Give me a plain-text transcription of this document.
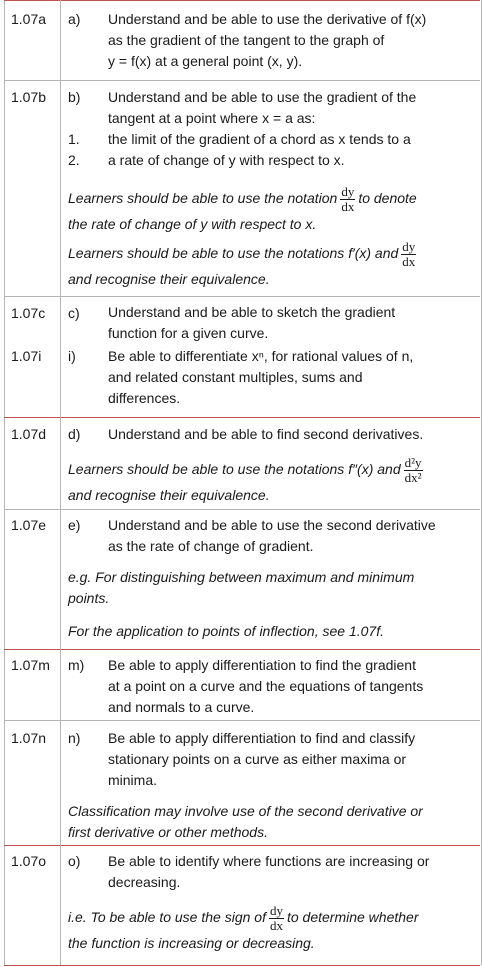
1.07a a) Understand and be able to use the derivative of f(x)
as the gradient of the tangent to the graph of
y = f(x) at a general point (x, y).
1.07b b) Understand and be able to use the gradient of the
tangent at a point where x = a as:
the limit of the gradient of a chord as x tends to a
a rate of change of y with respect to x.
1.
2.
Learners should be able to use the notation $\frac{dy}{dx}$ to denote
the rate of change of y with respect to x.
Learners should be able to use the notations f′(x) and $\frac{dy}{dx}$

and recognise their equivalence.
1.07c c) Understand and be able to sketch the gradient
function for a given curve.
1.07i i) Be able to differentiate xⁿ, for rational values of n,
and related constant multiples, sums and
differences.
1.07d d) Understand and be able to find second derivatives.
Learners should be able to use the notations f″(x) and $\frac{\text{d²y}}{\text{dx²}}$

and recognise their equivalence.
1.07e e) Understand and be able to use the second derivative
as the rate of change of gradient.
e.g. For distinguishing between maximum and minimum
points.
For the application to points of inflection, see 1.07f.
1.07m m) Be able to apply differentiation to find the gradient
at a point on a curve and the equations of tangents
and normals to a curve.
1.07n n) Be able to apply differentiation to find and classify
stationary points on a curve as either maxima or
minima.
Classification may involve use of the second derivative or
first derivative or other methods.
1.07o o) Be able to identify where functions are increasing or
decreasing.
i.e. To be able to use the sign of $\frac{dy}{dx}$ to determine whether
the function is increasing or decreasing.
